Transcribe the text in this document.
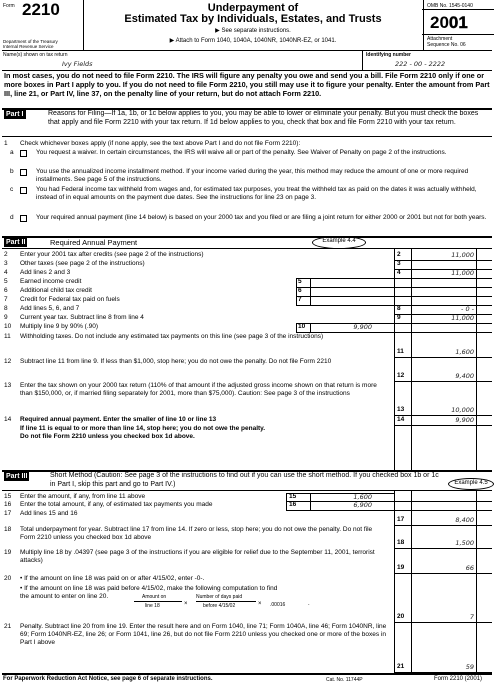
Form 2210
Department of the Treasury
Internal Revenue Service
Underpayment of
Estimated Tax by Individuals, Estates, and Trusts
▶ See separate instructions.
▶ Attach to Form 1040, 1040A, 1040NR, 1040NR-EZ, or 1041.
OMB No. 1545-0140
2001
Attachment
Sequence No. 06
Name(s) shown on tax return
Ivy Fields
Identifying number
222 - 00 - 2222
In most cases, you do not need to file Form 2210. The IRS will figure any penalty you owe and send you a bill. File Form 2210 only if one or more boxes in Part I apply to you. If you do not need to file Form 2210, you still may use it to figure your penalty. Enter the amount from Part III, line 21, or Part IV, line 37, on the penalty line of your return, but do not attach Form 2210.
Part I	Reasons for Filing—If 1a, 1b, or 1c below applies to you, you may be able to lower or eliminate your penalty. But you must check the boxes that apply and file Form 2210 with your tax return. If 1d below applies to you, check that box and file Form 2210 with your tax return.
1	Check whichever boxes apply (if none apply, see the text above Part I and do not file Form 2210):
a	You request a waiver. In certain circumstances, the IRS will waive all or part of the penalty. See Waiver of Penalty on page 2 of the instructions.
b	You use the annualized income installment method. If your income varied during the year, this method may reduce the amount of one or more required installments. See page 5 of the instructions.
c	You had Federal income tax withheld from wages and, for estimated tax purposes, you treat the withheld tax as paid on the dates it was actually withheld, instead of in equal amounts on the payment due dates. See the instructions for line 23 on page 3.
d	Your required annual payment (line 14 below) is based on your 2000 tax and you filed or are filing a joint return for either 2000 or 2001 but not for both years.
Part II	Required Annual Payment	Example 4.4
Part III	Short Method (Caution: See page 3 of the instructions to find out if you can use the short method. If you checked box 1b or 1c in Part I, skip this part and go to Part IV.)	Example 4.5
Amount on
line 18	×
Number of days paid
before 4/15/02	× .00016	.
For Paperwork Reduction Act Notice, see page 6 of separate instructions.	Cat. No. 11744P	Form 2210 (2001)
2	Enter your 2001 tax after credits (see page 2 of the instructions)	2	11,000
3	Other taxes (see page 2 of the instructions)	3
4	Add lines 2 and 3	4	11,000
5	Earned income credit	5
6	Additional child tax credit	6
7	Credit for Federal tax paid on fuels	7
8	Add lines 5, 6, and 7	8	- 0 -
9	Current year tax. Subtract line 8 from line 4	9	11,000
10	Multiply line 9 by 90% (.90)	10	9,900
11	Withholding taxes. Do not include any estimated tax payments on this line (see page 3 of the instructions)
11	1,600
12	Subtract line 11 from line 9. If less than $1,000, stop here; you do not owe the penalty. Do not file Form 2210
12	9,400
13	Enter the tax shown on your 2000 tax return (110% of that amount if the adjusted gross income shown on that return is more than $150,000, or, if married filing separately for 2001, more than $75,000). Caution: See page 3 of the instructions
13	10,000
14	Required annual payment. Enter the smaller of line 10 or line 13	14	9,900
If line 11 is equal to or more than line 14, stop here; you do not owe the penalty.
Do not file Form 2210 unless you checked box 1d above.
15	Enter the amount, if any, from line 11 above	15	1,600
16	Enter the total amount, if any, of estimated tax payments you made	16	6,900
17	Add lines 15 and 16
17	8,400
18	Total underpayment for year. Subtract line 17 from line 14. If zero or less, stop here; you do not owe the penalty. Do not file Form 2210 unless you checked box 1d above
18	1,500
19	Multiply line 18 by .04397 (see page 3 of the instructions if you are eligible for relief due to the September 11, 2001, terrorist attacks)
19	66
20	• If the amount on line 18 was paid on or after 4/15/02, enter -0-.
• If the amount on line 18 was paid before 4/15/02, make the following computation to find the amount to enter on line 20.
20	7
21	Penalty. Subtract line 20 from line 19. Enter the result here and on Form 1040, line 71; Form 1040A, line 46; Form 1040NR, line 69; Form 1040NR-EZ, line 26; or Form 1041, line 26, but do not file Form 2210 unless you checked one or more of the boxes in Part I above
21	59
